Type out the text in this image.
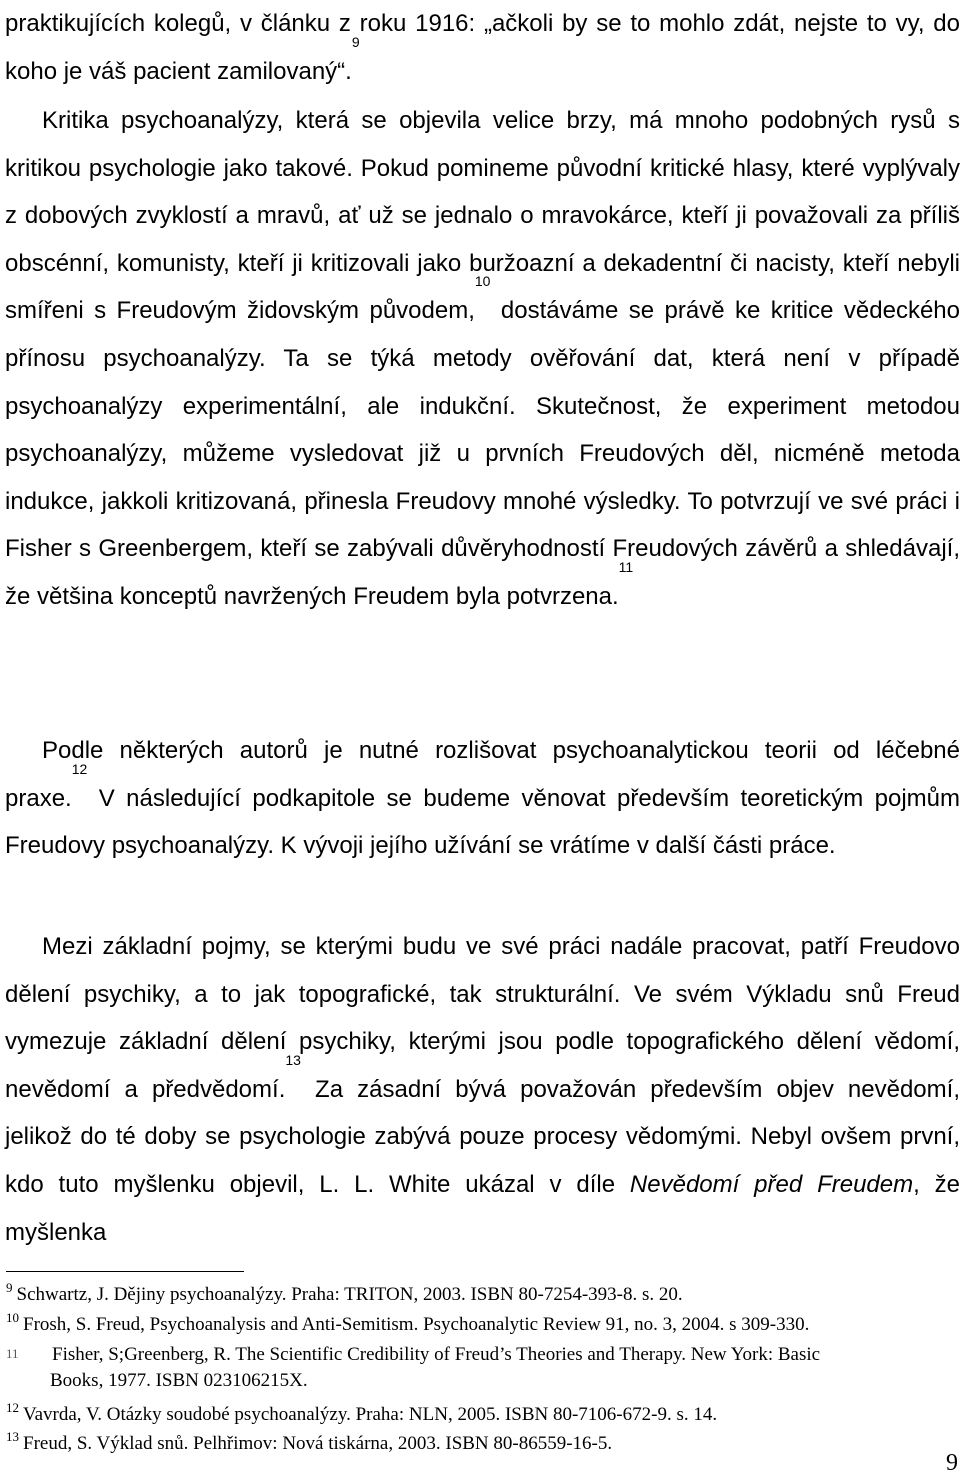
praktikujících kolegů, v článku z roku 1916: „ačkoli by se to mohlo zdát, nejste to vy, do koho je váš pacient zamilovaný“.$^9$

Kritika psychoanalýzy, která se objevila velice brzy, má mnoho podobných rysů s kritikou psychologie jako takové. Pokud pomineme původní kritické hlasy, které vyplývaly z dobových zvyklostí a mravů, ať už se jednalo o mravokárce, kteří ji považovali za příliš obscénní, komunisty, kteří ji kritizovali jako buržoazní a dekadentní či nacisty, kteří nebyli smířeni s Freudovým židovským původem,$^{10}$ dostáváme se právě ke kritice vědeckého přínosu psychoanalýzy. Ta se týká metody ověřování dat, která není v případě psychoanalýzy experimentální, ale indukční. Skutečnost, že experiment metodou psychoanalýzy, můžeme vysledovat již u prvních Freudových děl, nicméně metoda indukce, jakkoli kritizovaná, přinesla Freudovy mnohé výsledky. To potvrzují ve své práci i Fisher s Greenbergem, kteří se zabývali důvěryhodností Freudových závěrů a shledávají, že většina konceptů navržených Freudem byla potvrzena.$^{11}$

Podle některých autorů je nutné rozlišovat psychoanalytickou teorii od léčebné praxe.$^{12}$ V následující podkapitole se budeme věnovat především teoretickým pojmům Freudovy psychoanalýzy. K vývoji jejího užívání se vrátíme v další části práce.

Mezi základní pojmy, se kterými budu ve své práci nadále pracovat, patří Freudovo dělení psychiky, a to jak topografické, tak strukturální. Ve svém Výkladu snů Freud vymezuje základní dělení psychiky, kterými jsou podle topografického dělení vědomí, nevědomí a předvědomí.$^{13}$ Za zásadní bývá považován především objev nevědomí, jelikož do té doby se psychologie zabývá pouze procesy vědomými. Nebyl ovšem první, kdo tuto myšlenku objevil, L. L. White ukázal v díle Nevědomí před Freudem, že myšlenka

$^9$ Schwartz, J. Dějiny psychoanalýzy. Praha: TRITON, 2003. ISBN 80-7254-393-8. s. 20.

$^{10}$ Frosh, S. Freud, Psychoanalysis and Anti-Semitism. Psychoanalytic Review 91, no. 3, 2004. s 309-330.

11 Fisher, S;Greenberg, R. The Scientific Credibility of Freud’s Theories and Therapy. New York: Basic
Books, 1977. ISBN 023106215X.

$^{12}$ Vavrda, V. Otázky soudobé psychoanalýzy. Praha: NLN, 2005. ISBN 80-7106-672-9. s. 14.

$^{13}$ Freud, S. Výklad snů. Pelhřimov: Nová tiskárna, 2003. ISBN 80-86559-16-5.

9
